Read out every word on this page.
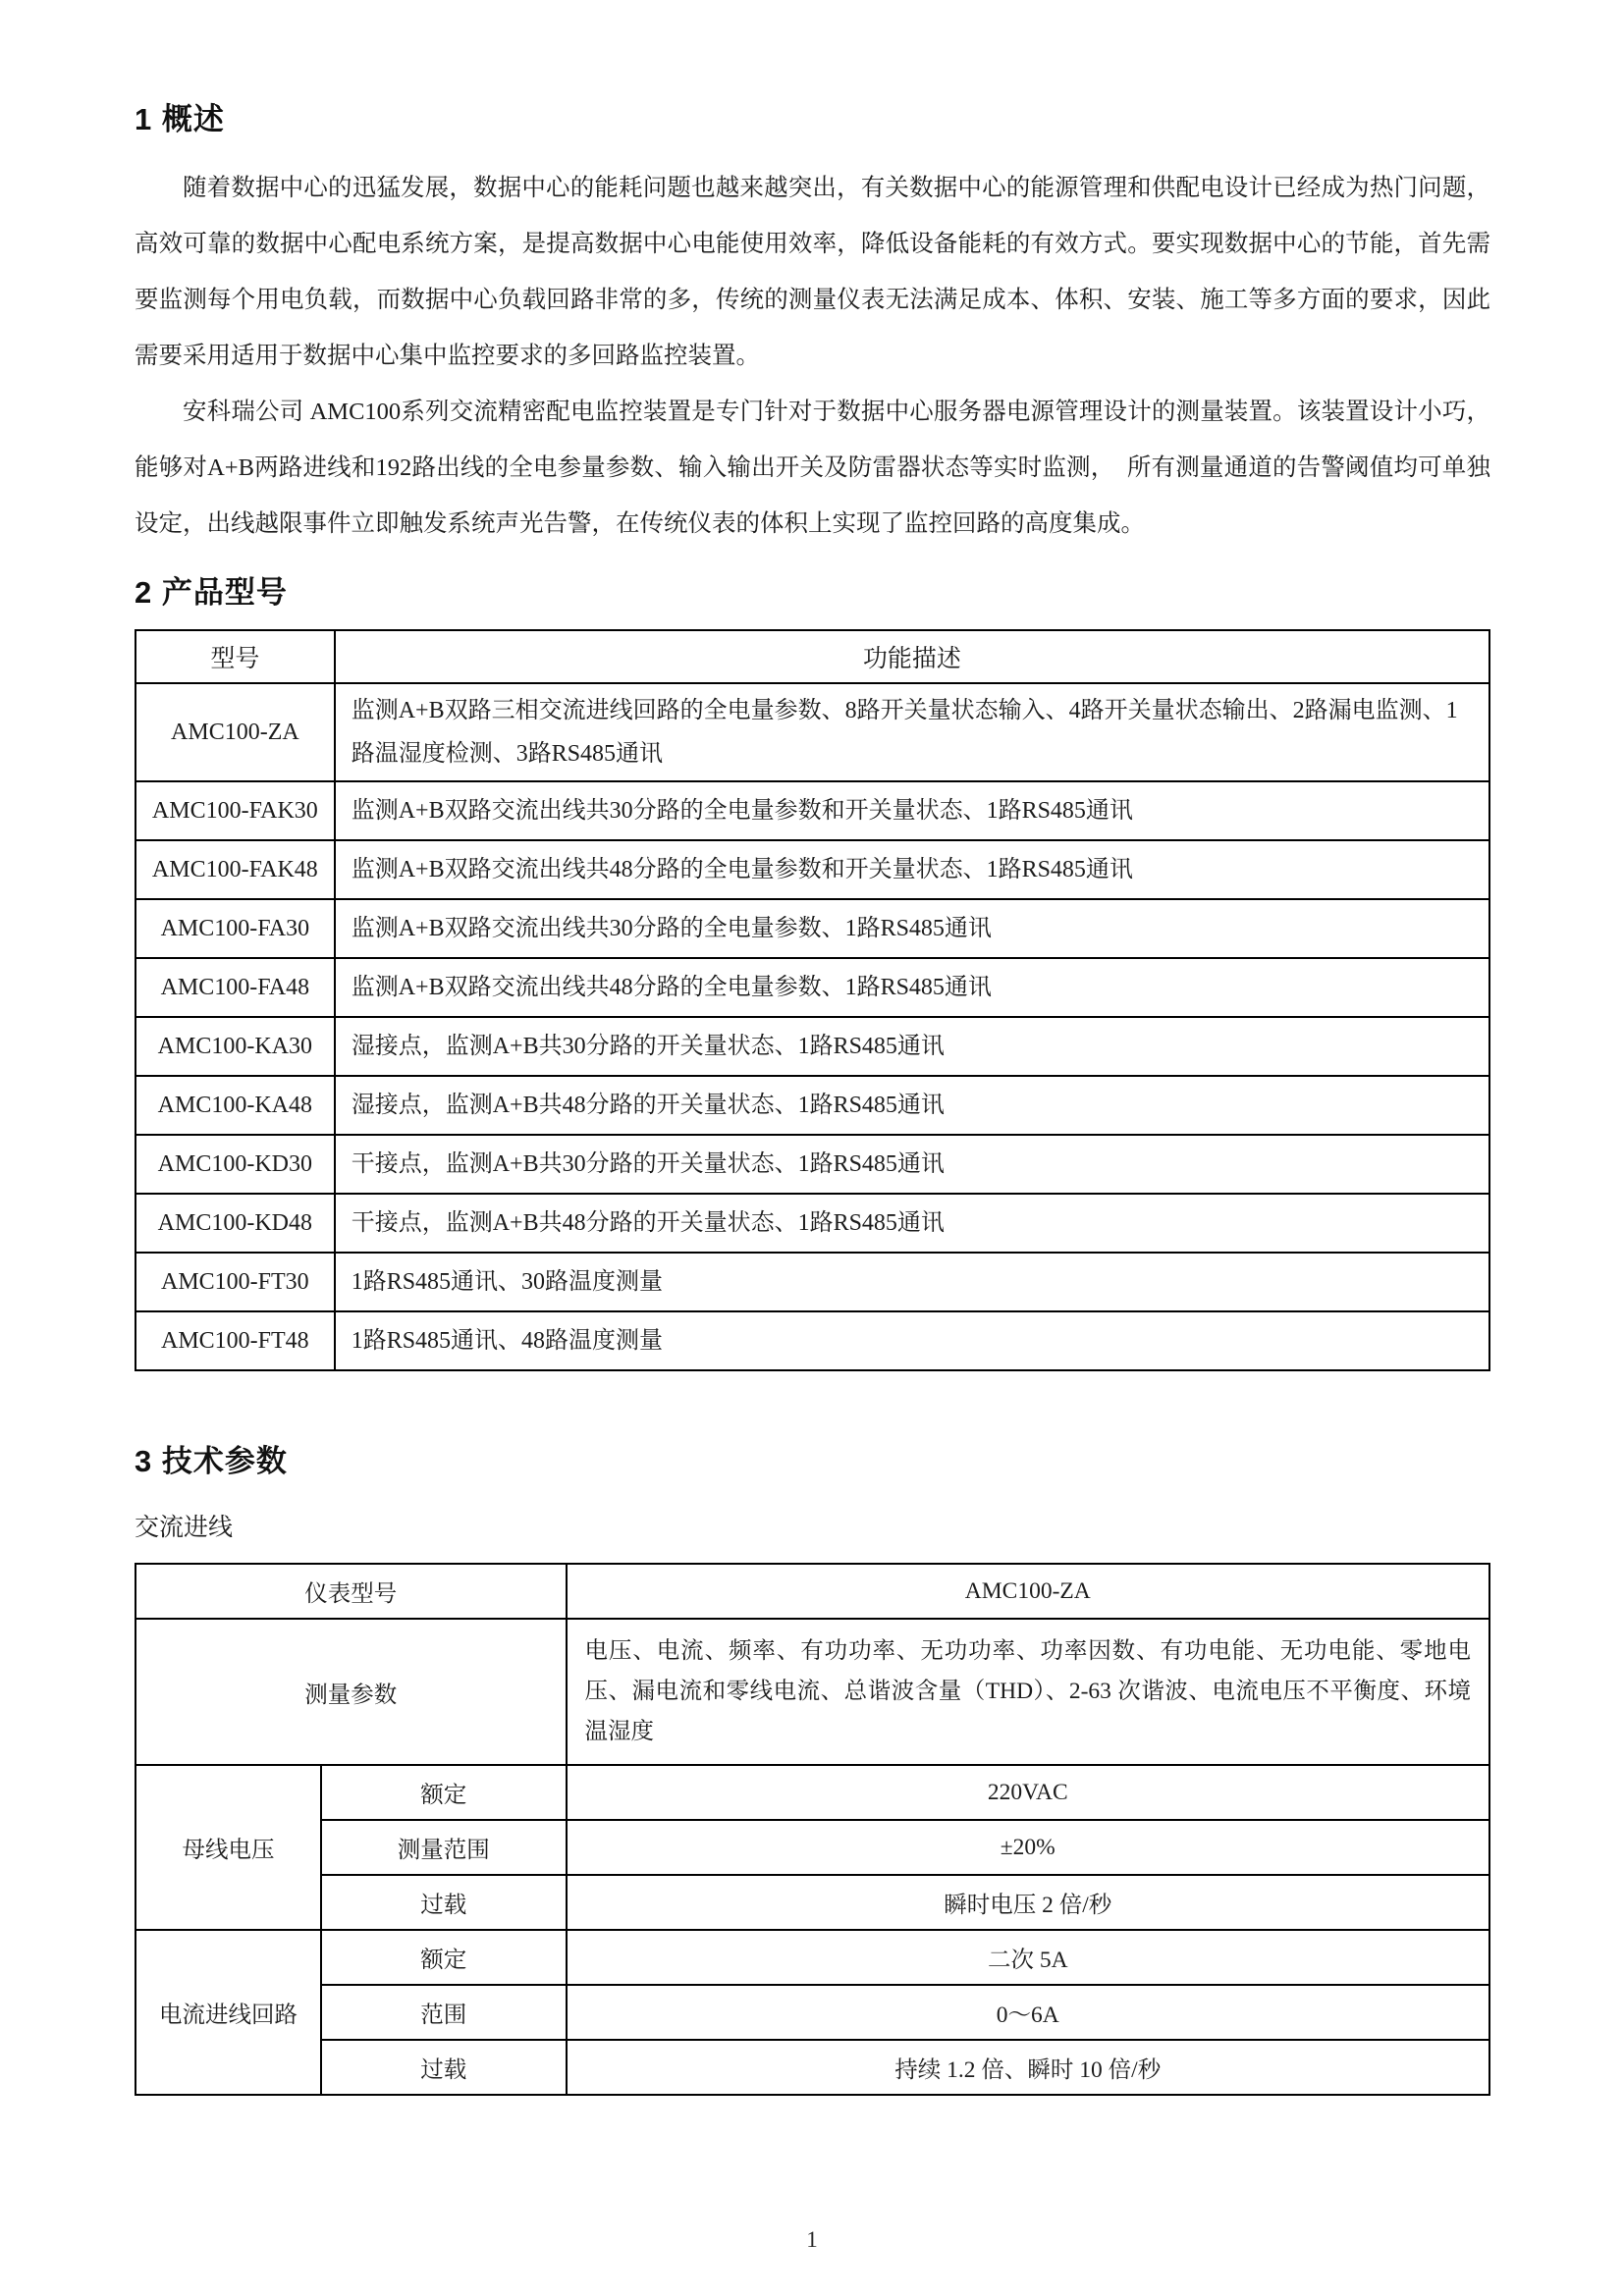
1 概述

随着数据中心的迅猛发展，数据中心的能耗问题也越来越突出，有关数据中心的能源管理和供配电设计已经成为热门问题，高效可靠的数据中心配电系统方案，是提高数据中心电能使用效率，降低设备能耗的有效方式。要实现数据中心的节能，首先需要监测每个用电负载，而数据中心负载回路非常的多，传统的测量仪表无法满足成本、体积、安装、施工等多方面的要求，因此需要采用适用于数据中心集中监控要求的多回路监控装置。

安科瑞公司 AMC100系列交流精密配电监控装置是专门针对于数据中心服务器电源管理设计的测量装置。该装置设计小巧，能够对A+B两路进线和192路出线的全电参量参数、输入输出开关及防雷器状态等实时监测，　所有测量通道的告警阈值均可单独设定，出线越限事件立即触发系统声光告警，在传统仪表的体积上实现了监控回路的高度集成。

2 产品型号
型号	功能描述
AMC100-ZA	监测A+B双路三相交流进线回路的全电量参数、8路开关量状态输入、4路开关量状态输出、2路漏电监测、1路温湿度检测、3路RS485通讯
AMC100-FAK30	监测A+B双路交流出线共30分路的全电量参数和开关量状态、1路RS485通讯
AMC100-FAK48	监测A+B双路交流出线共48分路的全电量参数和开关量状态、1路RS485通讯
AMC100-FA30	监测A+B双路交流出线共30分路的全电量参数、1路RS485通讯
AMC100-FA48	监测A+B双路交流出线共48分路的全电量参数、1路RS485通讯
AMC100-KA30	湿接点，监测A+B共30分路的开关量状态、1路RS485通讯
AMC100-KA48	湿接点，监测A+B共48分路的开关量状态、1路RS485通讯
AMC100-KD30	干接点，监测A+B共30分路的开关量状态、1路RS485通讯
AMC100-KD48	干接点，监测A+B共48分路的开关量状态、1路RS485通讯
AMC100-FT30	1路RS485通讯、30路温度测量
AMC100-FT48	1路RS485通讯、48路温度测量
3 技术参数

交流进线

仪表型号		AMC100-ZA
测量参数		电压、电流、频率、有功功率、无功功率、功率因数、有功电能、无功电能、零地电压、漏电流和零线电流、总谐波含量（THD）、2-63 次谐波、电流电压不平衡度、环境温湿度
母线电压	额定	220VAC
	测量范围	±20%
	过载	瞬时电压 2 倍/秒
电流进线回路	额定	二次 5A
	范围	0～6A
	过载	持续 1.2 倍、瞬时 10 倍/秒
1
